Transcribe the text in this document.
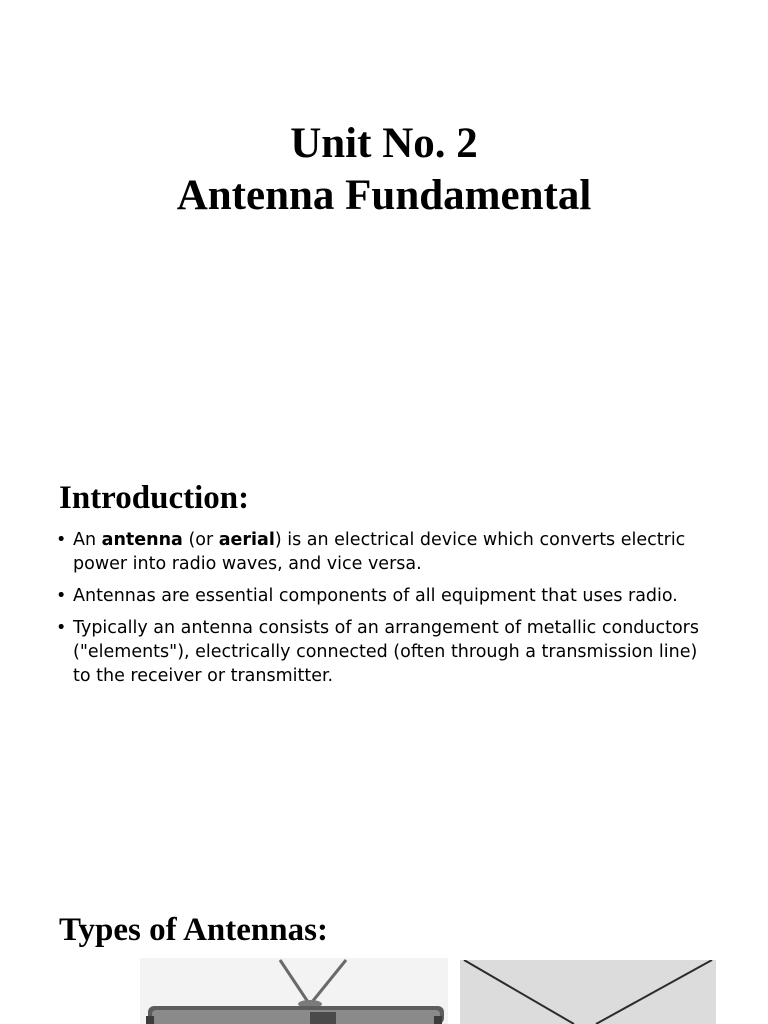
Unit No. 2
Antenna Fundamental
Introduction:
• An antenna (or aerial) is an electrical device which converts electric power into radio waves, and vice versa.
• Antennas are essential components of all equipment that uses radio.
• Typically an antenna consists of an arrangement of metallic conductors ("elements"), electrically connected (often through a transmission line) to the receiver or transmitter.
Types of Antennas:
